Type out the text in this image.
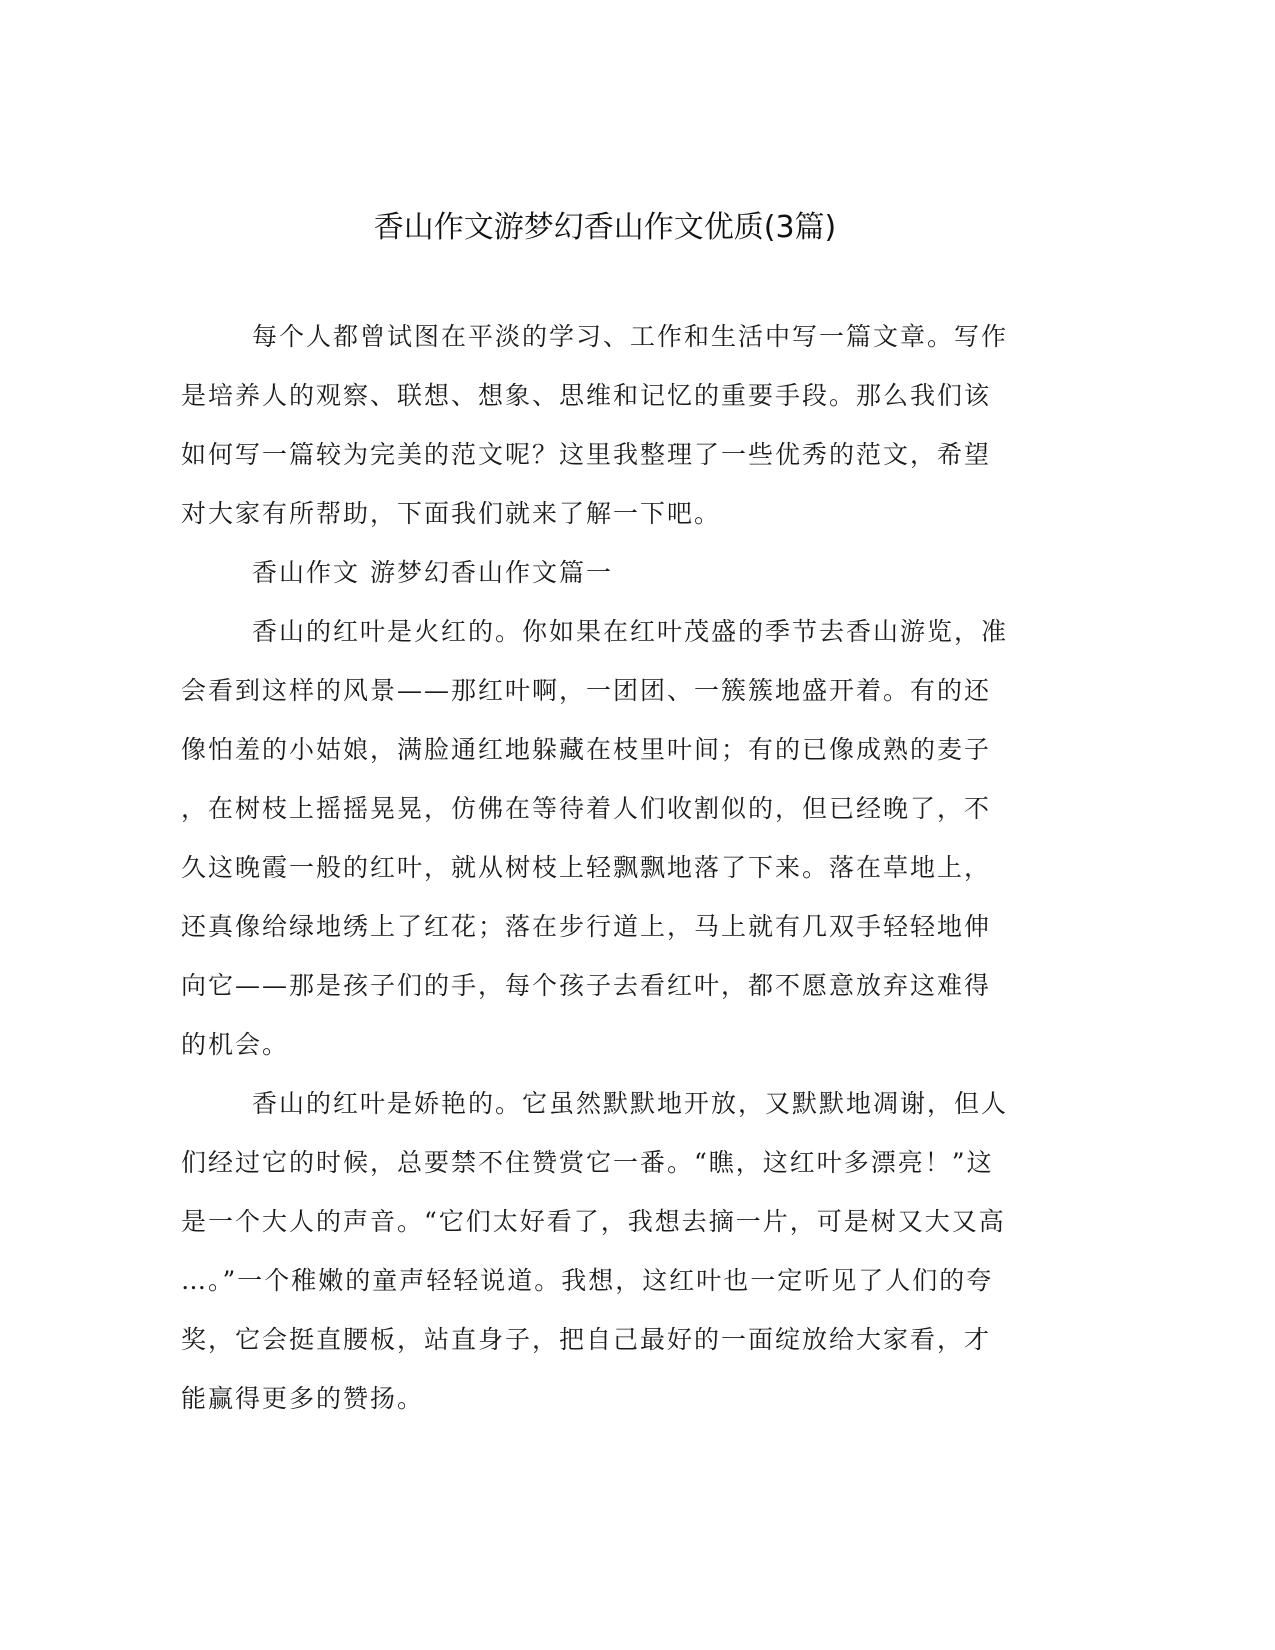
香山作文游梦幻香山作文优质(3篇)
每个人都曾试图在平淡的学习、工作和生活中写一篇文章。写作
是培养人的观察、联想、想象、思维和记忆的重要手段。那么我们该
如何写一篇较为完美的范文呢？这里我整理了一些优秀的范文，希望
对大家有所帮助，下面我们就来了解一下吧。
香山作文 游梦幻香山作文篇一
香山的红叶是火红的。你如果在红叶茂盛的季节去香山游览，准
会看到这样的风景——那红叶啊，一团团、一簇簇地盛开着。有的还
像怕羞的小姑娘，满脸通红地躲藏在枝里叶间；有的已像成熟的麦子
，在树枝上摇摇晃晃，仿佛在等待着人们收割似的，但已经晚了，不
久这晚霞一般的红叶，就从树枝上轻飘飘地落了下来。落在草地上，
还真像给绿地绣上了红花；落在步行道上，马上就有几双手轻轻地伸
向它——那是孩子们的手，每个孩子去看红叶，都不愿意放弃这难得
的机会。
香山的红叶是娇艳的。它虽然默默地开放，又默默地凋谢，但人
们经过它的时候，总要禁不住赞赏它一番。“瞧，这红叶多漂亮！”这
是一个大人的声音。“它们太好看了，我想去摘一片，可是树又大又高
…。”一个稚嫩的童声轻轻说道。我想，这红叶也一定听见了人们的夸
奖，它会挺直腰板，站直身子，把自己最好的一面绽放给大家看，才
能赢得更多的赞扬。
